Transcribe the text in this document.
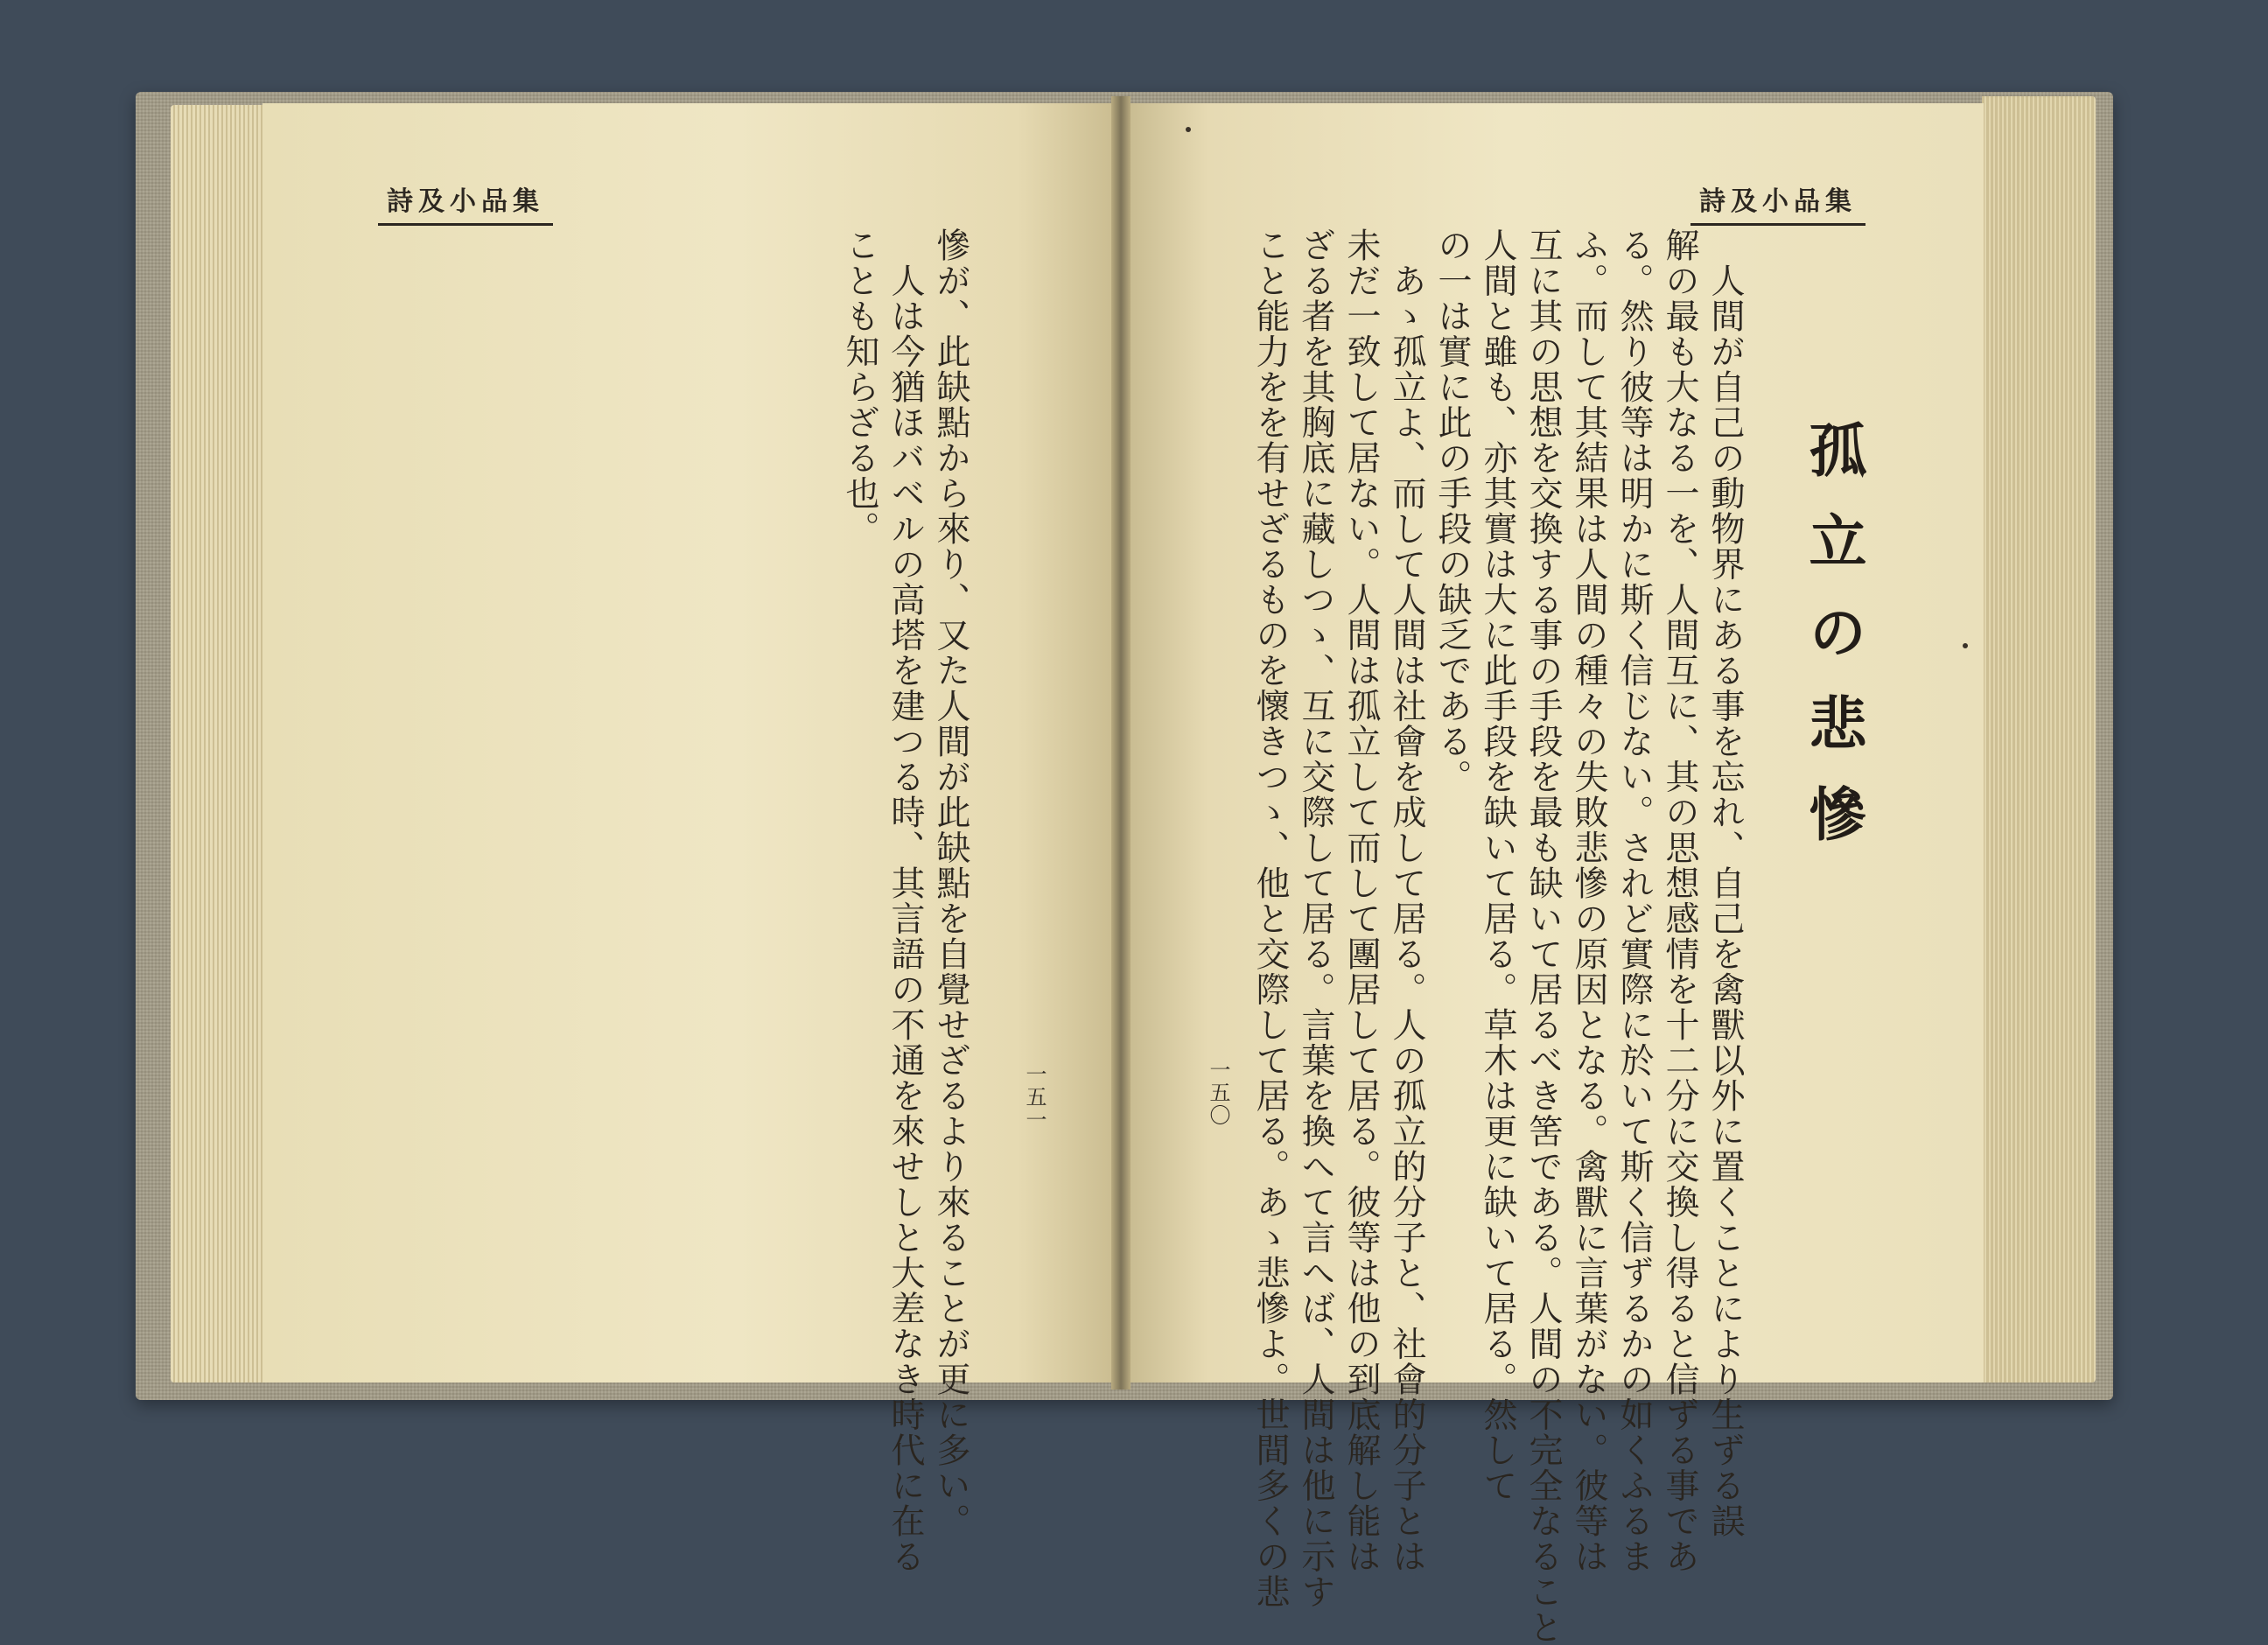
詩及小品集	詩及小品集
慘が、此缺點から來り、又た人間が此缺點を自覺せざるより來ることが更に多い。
　人は今猶ほバベルの高塔を建つる時、其言語の不通を來せしと大差なき時代に在る
ことも知らざる也。
孤立の悲慘
　人間が自己の動物界にある事を忘れ、自己を禽獸以外に置くことにより生ずる誤
解の最も大なる一を、人間互に、其の思想感情を十二分に交換し得ると信ずる事であ
る。然り彼等は明かに斯く信じない。されど實際に於いて斯く信ずるかの如くふるま
ふ。而して其結果は人間の種々の失敗悲慘の原因となる。禽獸に言葉がない。彼等は
互に其の思想を交換する事の手段を最も缺いて居るべき筈である。人間の不完全なること
人間と雖も、亦其實は大に此手段を缺いて居る。草木は更に缺いて居る。然して
の一は實に此の手段の缺乏である。
　あゝ孤立よ、而して人間は社會を成して居る。人の孤立的分子と、社會的分子とは
未だ一致して居ない。人間は孤立して而して團居して居る。彼等は他の到底解し能は
ざる者を其胸底に藏しつゝ、互に交際して居る。言葉を換へて言へば、人間は他に示す
こと能力をを有せざるものを懷きつゝ、他と交際して居る。あゝ悲慘よ。世間多くの悲
一五一	一五〇
